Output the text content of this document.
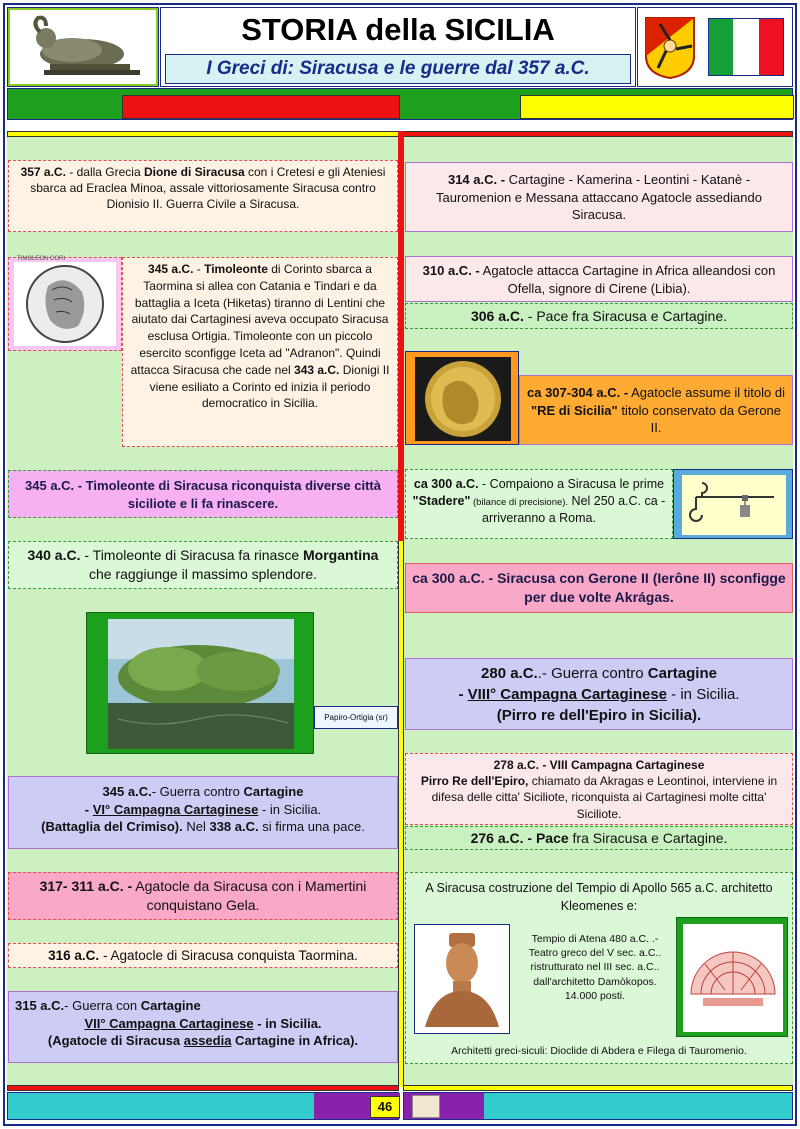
STORIA della SICILIA
I Greci di: Siracusa e le guerre dal 357 a.C.
357 a.C. - dalla Grecia Dione di Siracusa con i Cretesi e gli Ateniesi sbarca ad Eraclea Minoa, assale vittoriosamente Siracusa contro Dionisio II. Guerra Civile a Siracusa.
TIMOLEON CORI
345 a.C. - Timoleonte di Corinto sbarca a Taormina si allea con Catania e Tindari e da battaglia a Iceta (Hiketas) tiranno di Lentini che aiutato dai Cartaginesi aveva occupato Siracusa esclusa Ortigia. Timoleonte con un piccolo esercito sconfigge Iceta ad "Adranon". Quindi attacca Siracusa che cade nel 343 a.C. Dionigi II viene esiliato a Corinto ed inizia il periodo democratico in Sicilia.
345 a.C. - Timoleonte di Siracusa riconquista diverse città siciliote e li fa rinascere.
340 a.C. - Timoleonte di Siracusa fa rinasce Morgantina che raggiunge il massimo splendore.
Papiro-Ortigia (sr)
345 a.C.- Guerra contro Cartagine
- VI° Campagna Cartaginese - in Sicilia.
(Battaglia del Crimiso). Nel 338 a.C. si firma una pace.
317- 311 a.C. - Agatocle da Siracusa con i Mamertini conquistano Gela.
316 a.C. - Agatocle di Siracusa conquista Taormina.
315 a.C.- Guerra con Cartagine
VII° Campagna Cartaginese - in Sicilia.
(Agatocle di Siracusa assedia Cartagine in Africa).
314 a.C. - Cartagine - Kamerina - Leontini - Katanè - Tauromenion e Messana attaccano Agatocle assediando Siracusa.
310 a.C. - Agatocle attacca Cartagine in Africa alleandosi con Ofella, signore di Cirene (Libia).
306 a.C. - Pace fra Siracusa e Cartagine.
ca 307-304 a.C. - Agatocle assume il titolo di "RE di Sicilia" titolo conservato da Gerone II.
ca 300 a.C. - Compaiono a Siracusa le prime "Stadere" (bilance di precisione). Nel 250 a.C. ca - arriveranno a Roma.
ca 300 a.C. - Siracusa con Gerone II (Ierône II) sconfigge per due volte Akrágas.
280 a.C..- Guerra contro Cartagine
- VIII° Campagna Cartaginese - in Sicilia.
(Pirro re dell'Epiro in Sicilia).
278 a.C. - VIII Campagna Cartaginese
Pirro Re dell'Epiro, chiamato da Akragas e Leontinoi, interviene in difesa delle citta' Siciliote, riconquista ai Cartaginesi molte citta' Siciliote.
276 a.C. - Pace fra Siracusa e Cartagine.
A Siracusa costruzione del Tempio di Apollo 565 a.C. architetto Kleomenes e:
Tempio di Atena 480 a.C. .- Teatro greco del V sec. a.C.. ristrutturato nel III sec. a.C.. dall'architetto Damòkopos. 14.000 posti.
Architetti greci-siculi: Dioclide di Abdera e Filega di Tauromenio.
46
